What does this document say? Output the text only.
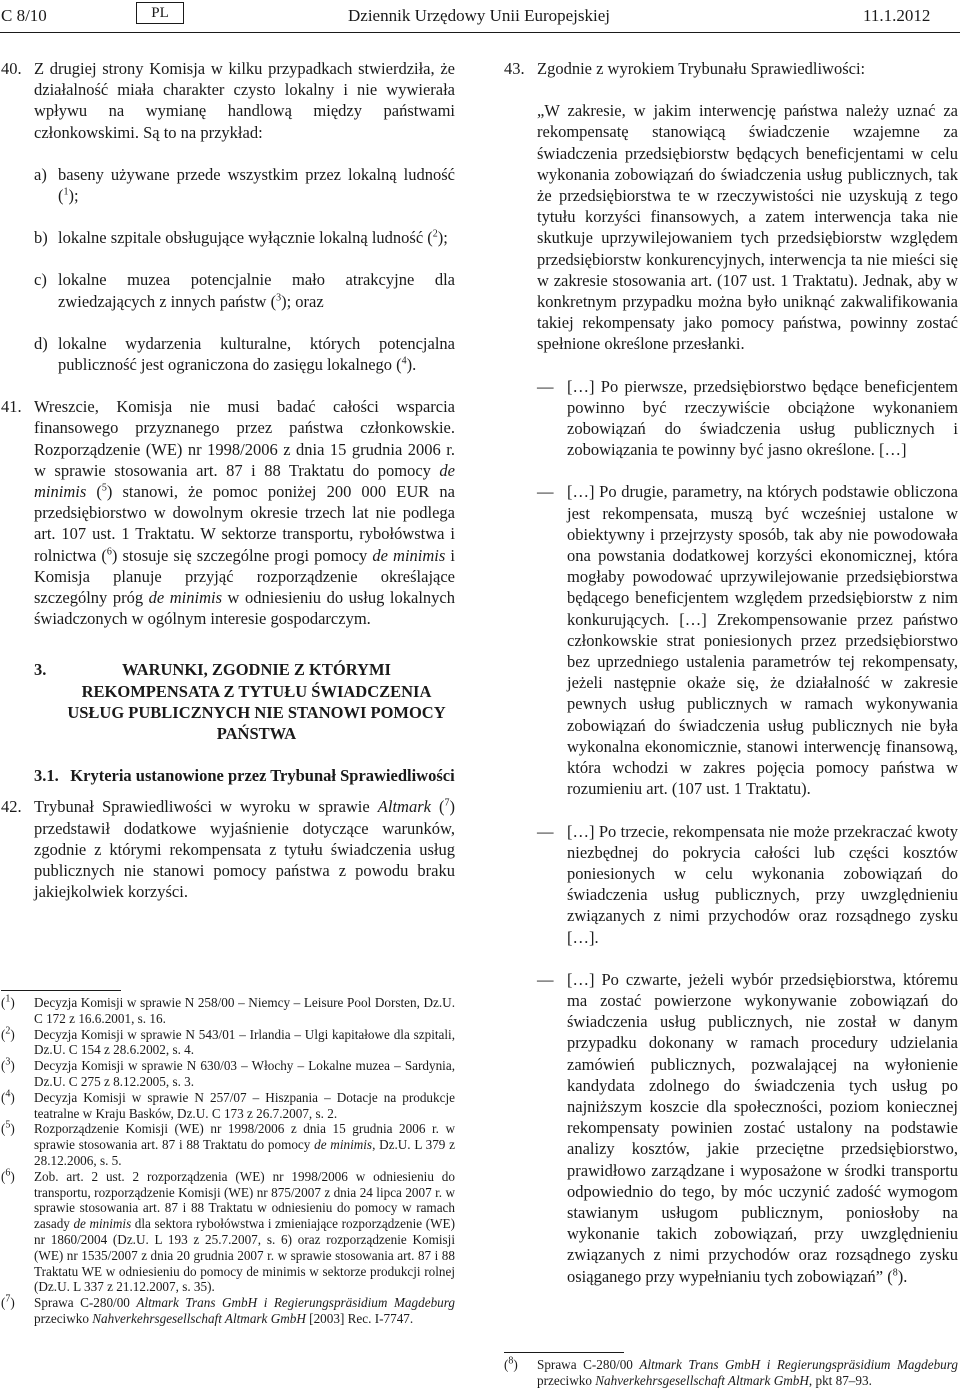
C 8/10	PL	Dziennik Urzędowy Unii Europejskiej	11.1.2012
40. Z drugiej strony Komisja w kilku przypadkach stwierdziła, że działalność miała charakter czysto lokalny i nie wywierała wpływu na wymianę handlową między państwami członkowskimi. Są to na przykład:

a) baseny używane przede wszystkim przez lokalną ludność ($^1$);

b) lokalne szpitale obsługujące wyłącznie lokalną ludność ($^2$);

c) lokalne muzea potencjalnie mało atrakcyjne dla zwiedzających z innych państw ($^3$); oraz

d) lokalne wydarzenia kulturalne, których potencjalna publiczność jest ograniczona do zasięgu lokalnego ($^4$).

41. Wreszcie, Komisja nie musi badać całości wsparcia finansowego przyznanego przez państwa członkowskie. Rozporządzenie (WE) nr 1998/2006 z dnia 15 grudnia 2006 r. w sprawie stosowania art. 87 i 88 Traktatu do pomocy de minimis ($^5$) stanowi, że pomoc poniżej 200 000 EUR na przedsiębiorstwo w dowolnym okresie trzech lat nie podlega art. 107 ust. 1 Traktatu. W sektorze transportu, rybołówstwa i rolnictwa ($^6$) stosuje się szczególne progi pomocy de minimis i Komisja planuje przyjąć rozporządzenie określające szczególny próg de minimis w odniesieniu do usług lokalnych świadczonych w ogólnym interesie gospodarczym.

3.	WARUNKI, ZGODNIE Z KTÓRYMI REKOMPENSATA Z TYTUŁU ŚWIADCZENIA USŁUG PUBLICZNYCH NIE STANOWI POMOCY PAŃSTWA

3.1. Kryteria ustanowione przez Trybunał Sprawiedliwości

42. Trybunał Sprawiedliwości w wyroku w sprawie Altmark ($^7$) przedstawił dodatkowe wyjaśnienie dotyczące warunków, zgodnie z którymi rekompensata z tytułu świadczenia usług publicznych nie stanowi pomocy państwa z powodu braku jakiejkolwiek korzyści.

($^1$)	Decyzja Komisji w sprawie N 258/00 – Niemcy – Leisure Pool Dorsten, Dz.U. C 172 z 16.6.2001, s. 16.

($^2$)	Decyzja Komisji w sprawie N 543/01 – Irlandia – Ulgi kapitałowe dla szpitali, Dz.U. C 154 z 28.6.2002, s. 4.

($^3$)	Decyzja Komisji w sprawie N 630/03 – Włochy – Lokalne muzea – Sardynia, Dz.U. C 275 z 8.12.2005, s. 3.

($^4$)	Decyzja Komisji w sprawie N 257/07 – Hiszpania – Dotacje na produkcje teatralne w Kraju Basków, Dz.U. C 173 z 26.7.2007, s. 2.

($^5$)	Rozporządzenie Komisji (WE) nr 1998/2006 z dnia 15 grudnia 2006 r. w sprawie stosowania art. 87 i 88 Traktatu do pomocy de minimis, Dz.U. L 379 z 28.12.2006, s. 5.

($^6$)	Zob. art. 2 ust. 2 rozporządzenia (WE) nr 1998/2006 w odniesieniu do transportu, rozporządzenie Komisji (WE) nr 875/2007 z dnia 24 lipca 2007 r. w sprawie stosowania art. 87 i 88 Traktatu w odniesieniu do pomocy w ramach zasady de minimis dla sektora rybołówstwa i zmieniające rozporządzenie (WE) nr 1860/2004 (Dz.U. L 193 z 25.7.2007, s. 6) oraz rozporządzenie Komisji (WE) nr 1535/2007 z dnia 20 grudnia 2007 r. w sprawie stosowania art. 87 i 88 Traktatu WE w odniesieniu do pomocy de minimis w sektorze produkcji rolnej (Dz.U. L 337 z 21.12.2007, s. 35).

($^7$)	Sprawa C-280/00 Altmark Trans GmbH i Regierungspräsidium Magdeburg przeciwko Nahverkehrsgesellschaft Altmark GmbH [2003] Rec. I-7747.

43. Zgodnie z wyrokiem Trybunału Sprawiedliwości:

„W zakresie, w jakim interwencję państwa należy uznać za rekompensatę stanowiącą świadczenie wzajemne za świadczenia przedsiębiorstw będących beneficjentami w celu wykonania zobowiązań do świadczenia usług publicznych, tak że przedsiębiorstwa te w rzeczywistości nie uzyskują z tego tytułu korzyści finansowych, a zatem interwencja taka nie skutkuje uprzywilejowaniem tych przedsiębiorstw względem przedsiębiorstw konkurencyjnych, interwencja ta nie mieści się w zakresie stosowania art. (107 ust. 1 Traktatu). Jednak, aby w konkretnym przypadku można było uniknąć zakwalifikowania takiej rekompensaty jako pomocy państwa, powinny zostać spełnione określone przesłanki.

— […] Po pierwsze, przedsiębiorstwo będące beneficjentem powinno być rzeczywiście obciążone wykonaniem zobowiązań do świadczenia usług publicznych i zobowiązania te powinny być jasno określone. […]

— […] Po drugie, parametry, na których podstawie obliczona jest rekompensata, muszą być wcześniej ustalone w obiektywny i przejrzysty sposób, tak aby nie powodowała ona powstania dodatkowej korzyści ekonomicznej, która mogłaby powodować uprzywilejowanie przedsiębiorstwa będącego beneficjentem względem przedsiębiorstw z nim konkurujących. […] Zrekompensowanie przez państwo członkowskie strat poniesionych przez przedsiębiorstwo bez uprzedniego ustalenia parametrów tej rekompensaty, jeżeli następnie okaże się, że działalność w zakresie pewnych usług publicznych w ramach wykonywania zobowiązań do świadczenia usług publicznych nie była wykonalna ekonomicznie, stanowi interwencję finansową, która wchodzi w zakres pojęcia pomocy państwa w rozumieniu art. (107 ust. 1 Traktatu).

— […] Po trzecie, rekompensata nie może przekraczać kwoty niezbędnej do pokrycia całości lub części kosztów poniesionych w celu wykonania zobowiązań do świadczenia usług publicznych, przy uwzględnieniu związanych z nimi przychodów oraz rozsądnego zysku […].

— […] Po czwarte, jeżeli wybór przedsiębiorstwa, któremu ma zostać powierzone wykonywanie zobowiązań do świadczenia usług publicznych, nie został w danym przypadku dokonany w ramach procedury udzielania zamówień publicznych, pozwalającej na wyłonienie kandydata zdolnego do świadczenia tych usług po najniższym koszcie dla społeczności, poziom koniecznej rekompensaty powinien zostać ustalony na podstawie analizy kosztów, jakie przeciętne przedsiębiorstwo, prawidłowo zarządzane i wyposażone w środki transportu odpowiednio do tego, by móc uczynić zadość wymogom stawianym usługom publicznym, poniosłoby na wykonanie takich zobowiązań, przy uwzględnieniu związanych z nimi przychodów oraz rozsądnego zysku osiąganego przy wypełnianiu tych zobowiązań” ($^8$).

($^8$)	Sprawa C-280/00 Altmark Trans GmbH i Regierungspräsidium Magdeburg przeciwko Nahverkehrsgesellschaft Altmark GmbH, pkt 87–93.
